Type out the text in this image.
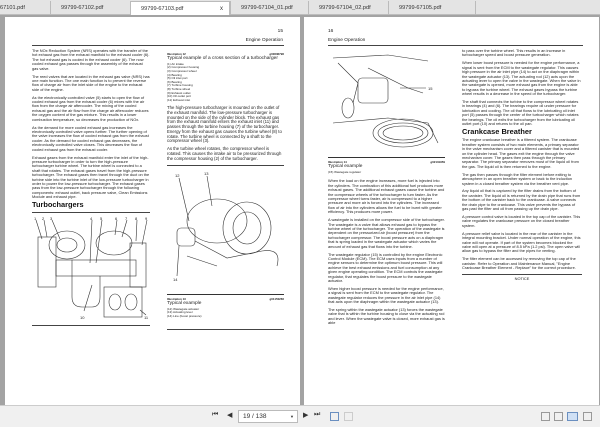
67101.pdf	99799-67102.pdf	99799-67103.pdf	x	99799-67104_01.pdf	99799-67104_02.pdf	99799-67105.pdf
15
Engine Operation

The NOx Reduction System (NRS) operates with the transfer of the hot exhaust gas from the exhaust manifold to the exhaust cooler (6). The hot exhaust gas is cooled in the exhaust cooler (6). The now cooled exhaust gas passes through the assembly of the exhaust gas valve.

The reed valves that are located in the exhaust gas valve (NRS) has one main function. The one main function is to prevent the reverse flow of charge air from the inlet side of the engine to the exhaust side of the engine.

As the electronically controlled valve (5) starts to open the flow of cooled exhaust gas from the exhaust cooler (6) mixes with the air flow from the charge air aftercooler. The mixing of the cooled exhaust gas and the air flow from the charge air aftercooler reduces the oxygen content of the gas mixture. This results in a lower combustion temperature, so decreases the production of NOx.

As the demand for more cooled exhaust gas increases the electronically controlled valve opens further. The further opening of the valve increases the flow of cooled exhaust gas from the exhaust cooler. As the demand for cooled exhaust gas decreases, the electronically controlled valve closes. This decreases the flow of cooled exhaust gas from the exhaust cooler.

Exhaust gases from the exhaust manifold enter the inlet of the high-pressure turbocharger in order to turn the high-pressure turbocharger turbine wheel. The turbine wheel is connected to a shaft that rotates. The exhaust gases travel from the high-pressure turbocharger. The exhaust gases then travel through the duct on the turbine side into the turbine inlet of the low-pressure turbocharger in order to power the low-pressure turbocharger. The exhaust gases pass from the low-pressure turbocharger through the following components: exhaust outlet, back pressure valve, Clean Emissions Module and exhaust pipe.

Turbochargers
1 2 3	4 5	6 7 8 9
10	11
Illustration 12	g00636796
Typical example of a cross section of a turbocharger
(1) Air intake
(2) Compressor housing
(3) Compressor wheel
(4) Bearing
(5) Oil inlet port
(6) Bearing
(7) Turbine housing
(8) Turbine wheel
(9) Exhaust outlet
(10) Oil outlet port
(11) Exhaust inlet

The high-pressure turbocharger is mounted on the outlet of the exhaust manifold. The low-pressure turbocharger is mounted on the side of the cylinder block. The exhaust gas from the exhaust manifold enters the exhaust inlet (11) and passes through the turbine housing (7) of the turbocharger. Energy from the exhaust gas causes the turbine wheel (8) to rotate. The turbine wheel is connected by a shaft to the compressor wheel (3).

As the turbine wheel rotates, the compressor wheel is rotated. This causes the intake air to be pressurized through the compressor housing (2) of the turbocharger.

12	13
14
Illustration 13	g01150266
Typical example
(12) Wastegate actuator
(13) Actuating lever
(14) Line (boost pressure)
16
Engine Operation
15
Illustration 14	g02131959
Typical example
(15) Wastegate regulator

When the load on the engine increases, more fuel is injected into the cylinders. The combustion of this additional fuel produces more exhaust gases. The additional exhaust gases cause the turbine and the compressor wheels of the turbocharger to turn faster. As the compressor wheel turns faster, air is compressed to a higher pressure and more air is forced into the cylinders. The increased flow of air into the cylinders allows the fuel to be burnt with greater efficiency. This produces more power.

A wastegate is installed on the compressor side of the turbocharger. The wastegate is a valve that allows exhaust gas to bypass the turbine wheel of the turbocharger. The operation of the wastegate is dependent on the pressurized air (boost pressure) from the turbocharger compressor. The boost pressure acts on a diaphragm that is spring loaded in the wastegate actuator which varies the amount of exhaust gas that flows into the turbine.

The wastegate regulator (15) is controlled by the engine Electronic Control Module (ECM). The ECM uses inputs from a number of engine sensors to determine the optimum boost pressure. This will achieve the best exhaust emissions and fuel consumption at any given engine operating condition. The ECM controls the wastegate regulator, that regulates the boost pressure to the wastegate actuator.

When higher boost pressure is needed for the engine performance, a signal is sent from the ECM to the wastegate regulator. The wastegate regulator reduces the pressure in the air inlet pipe (14) that acts upon the diaphragm within the wastegate actuator (13).

The spring within the wastegate actuator (13) forces the wastegate valve that is within the turbine housing to close via the actuating rod and lever. When the wastegate valve is closed, more exhaust gas is able

to pass over the turbine wheel. This results in an increase in turbocharger speed and boost pressure generation.

When lower boost pressure is needed for the engine performance, a signal is sent from the ECM to the wastegate regulator. This causes high pressure in the air inlet pipe (14) to act on the diaphragm within the wastegate actuator (13). The actuating rod (12) acts upon the actuating lever to open the valve in the wastegate. When the valve in the wastegate is opened, more exhaust gas from the engine is able to bypass the turbine wheel. The exhaust gases bypass the turbine wheel results in a decrease in the speed of the turbocharger.

The shaft that connects the turbine to the compressor wheel rotates in bearings (4) and (6). The bearings require oil under pressure for lubrication and cooling. The oil that flows to the lubricating oil inlet port (5) passes through the center of the turbocharger which rotates the bearings. The oil exits the turbocharger from the lubricating oil outlet port (10) and returns to the oil pan.

Crankcase Breather

The engine crankcase breather is a filtered system. The crankcase breather system consists of two main elements, a primary separator in the valve mechanism cover and a filtered canister that is mounted on the cylinder head. The gases exit the engine through the valve mechanism cover. The gases then pass through the primary separator. The primary separator removes most of the liquid oil from the gas. The liquid oil is then returned to the engine.

The gas then passes through the filter element before exiting to atmosphere in an open breather system or back to the induction system in a closed breather system via the breather vent pipe.

Any liquid oil that is captured by the filter drains from the bottom of the canister. The liquid oil is returned by the drain pipe that runs from the bottom of the canister back to the crankcase. A valve connects the drain pipe to the crankcase. This valve prevents the bypass of gas past the filter and oil from passing up the drain pipe.

A pressure control valve is located in the top cap of the canister. This valve regulates the crankcase pressure on the closed breather system.

A pressure relief valve is located in the rear of the canister in the integral mounting bracket. Under normal operation of the engine, this valve will not operate. If part of the system becomes blocked the valve will open at a pressure of 8.5 kPa (1.2 psi). The open valve will allow gas to bypass the filter and the pipes for venting.

The filter element can be accessed by removing the top cap of the canister. Refer to Operation and Maintenance Manual, "Engine Crankcase Breather Element - Replace" for the correct procedure.

NOTICE
⏮ ◀	19 / 138	▼ ▶ ⏭
